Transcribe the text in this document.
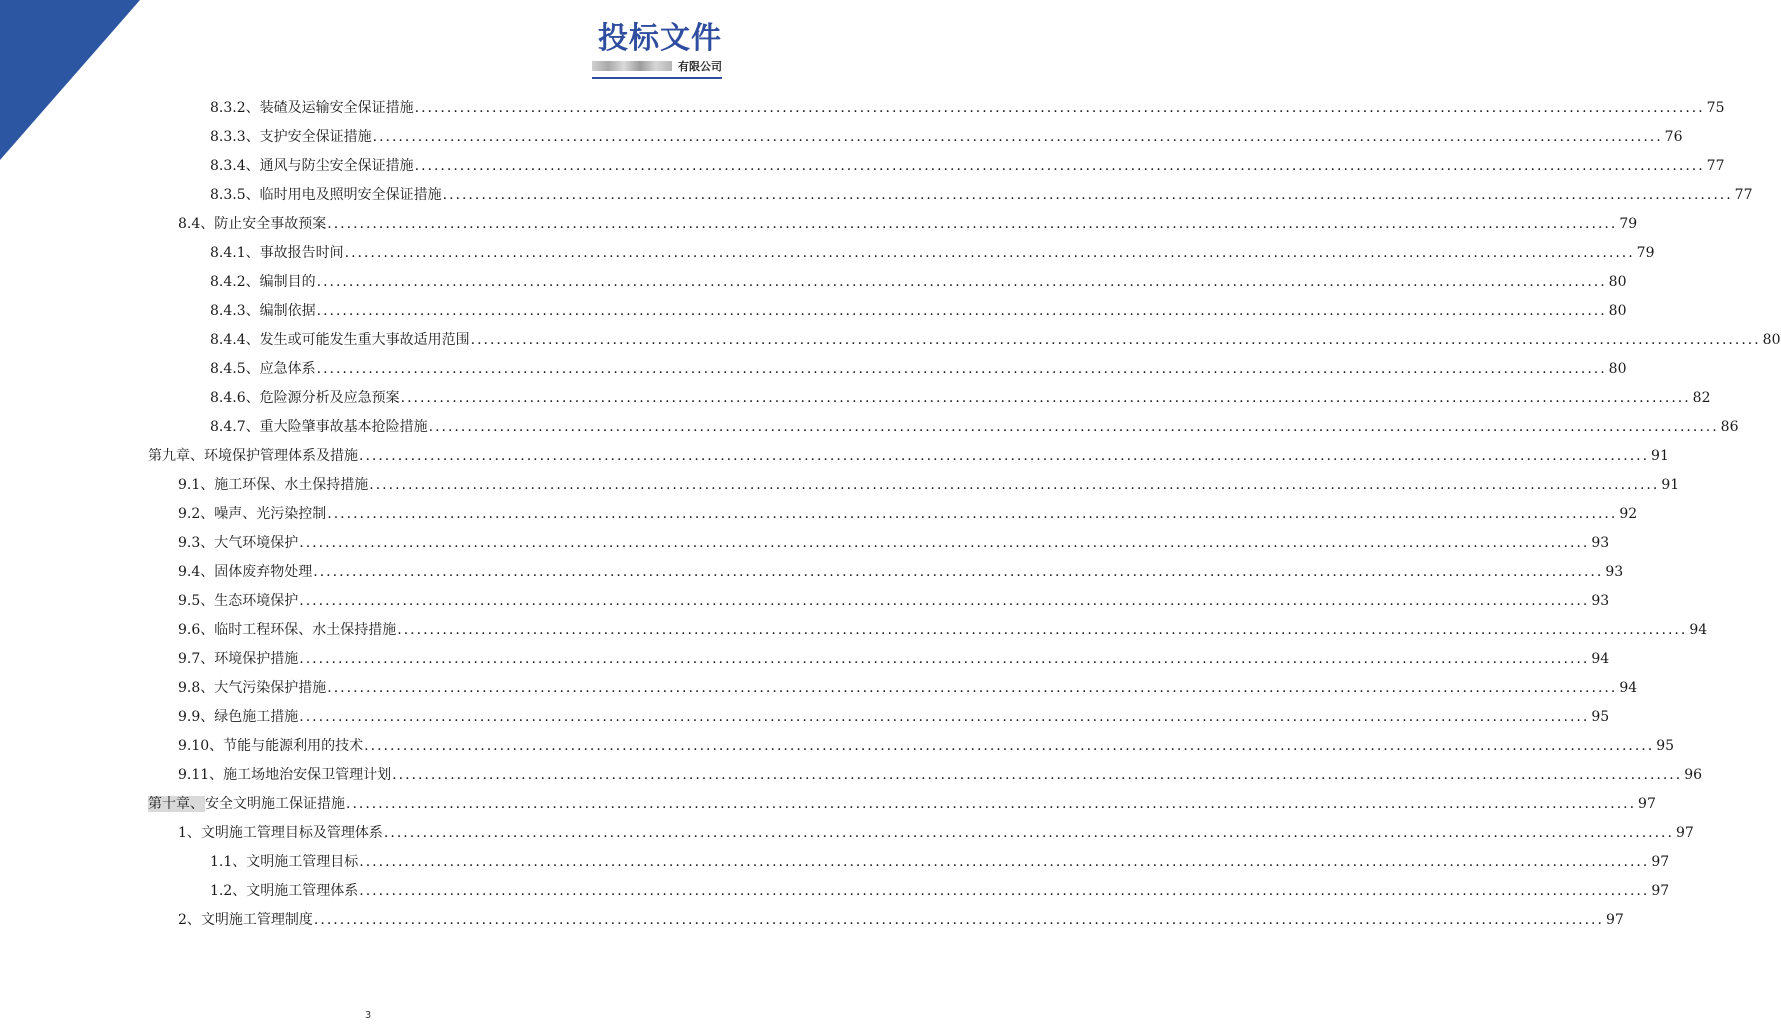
投标文件
有限公司
8.3.2、装碴及运输安全保证措施 ........................................................................................................................................................................................................ 75
8.3.3、支护安全保证措施 ........................................................................................................................................................................................................ 76
8.3.4、通风与防尘安全保证措施 ........................................................................................................................................................................................................ 77
8.3.5、临时用电及照明安全保证措施 ........................................................................................................................................................................................................ 77
8.4、防止安全事故预案 ........................................................................................................................................................................................................ 79
8.4.1、事故报告时间 ........................................................................................................................................................................................................ 79
8.4.2、编制目的 ........................................................................................................................................................................................................ 80
8.4.3、编制依据 ........................................................................................................................................................................................................ 80
8.4.4、发生或可能发生重大事故适用范围 ........................................................................................................................................................................................................ 80
8.4.5、应急体系 ........................................................................................................................................................................................................ 80
8.4.6、危险源分析及应急预案 ........................................................................................................................................................................................................ 82
8.4.7、重大险肇事故基本抢险措施 ........................................................................................................................................................................................................ 86
第九章、环境保护管理体系及措施 ........................................................................................................................................................................................................ 91
9.1、施工环保、水土保持措施 ........................................................................................................................................................................................................ 91
9.2、噪声、光污染控制 ........................................................................................................................................................................................................ 92
9.3、大气环境保护 ........................................................................................................................................................................................................ 93
9.4、固体废弃物处理 ........................................................................................................................................................................................................ 93
9.5、生态环境保护 ........................................................................................................................................................................................................ 93
9.6、临时工程环保、水土保持措施 ........................................................................................................................................................................................................ 94
9.7、环境保护措施 ........................................................................................................................................................................................................ 94
9.8、大气污染保护措施 ........................................................................................................................................................................................................ 94
9.9、绿色施工措施 ........................................................................................................................................................................................................ 95
9.10、节能与能源利用的技术 ........................................................................................................................................................................................................ 95
9.11、施工场地治安保卫管理计划 ........................................................................................................................................................................................................ 96
第十章、安全文明施工保证措施 ........................................................................................................................................................................................................ 97
1、文明施工管理目标及管理体系 ........................................................................................................................................................................................................ 97
1.1、文明施工管理目标 ........................................................................................................................................................................................................ 97
1.2、文明施工管理体系 ........................................................................................................................................................................................................ 97
2、文明施工管理制度 ........................................................................................................................................................................................................ 97
3
